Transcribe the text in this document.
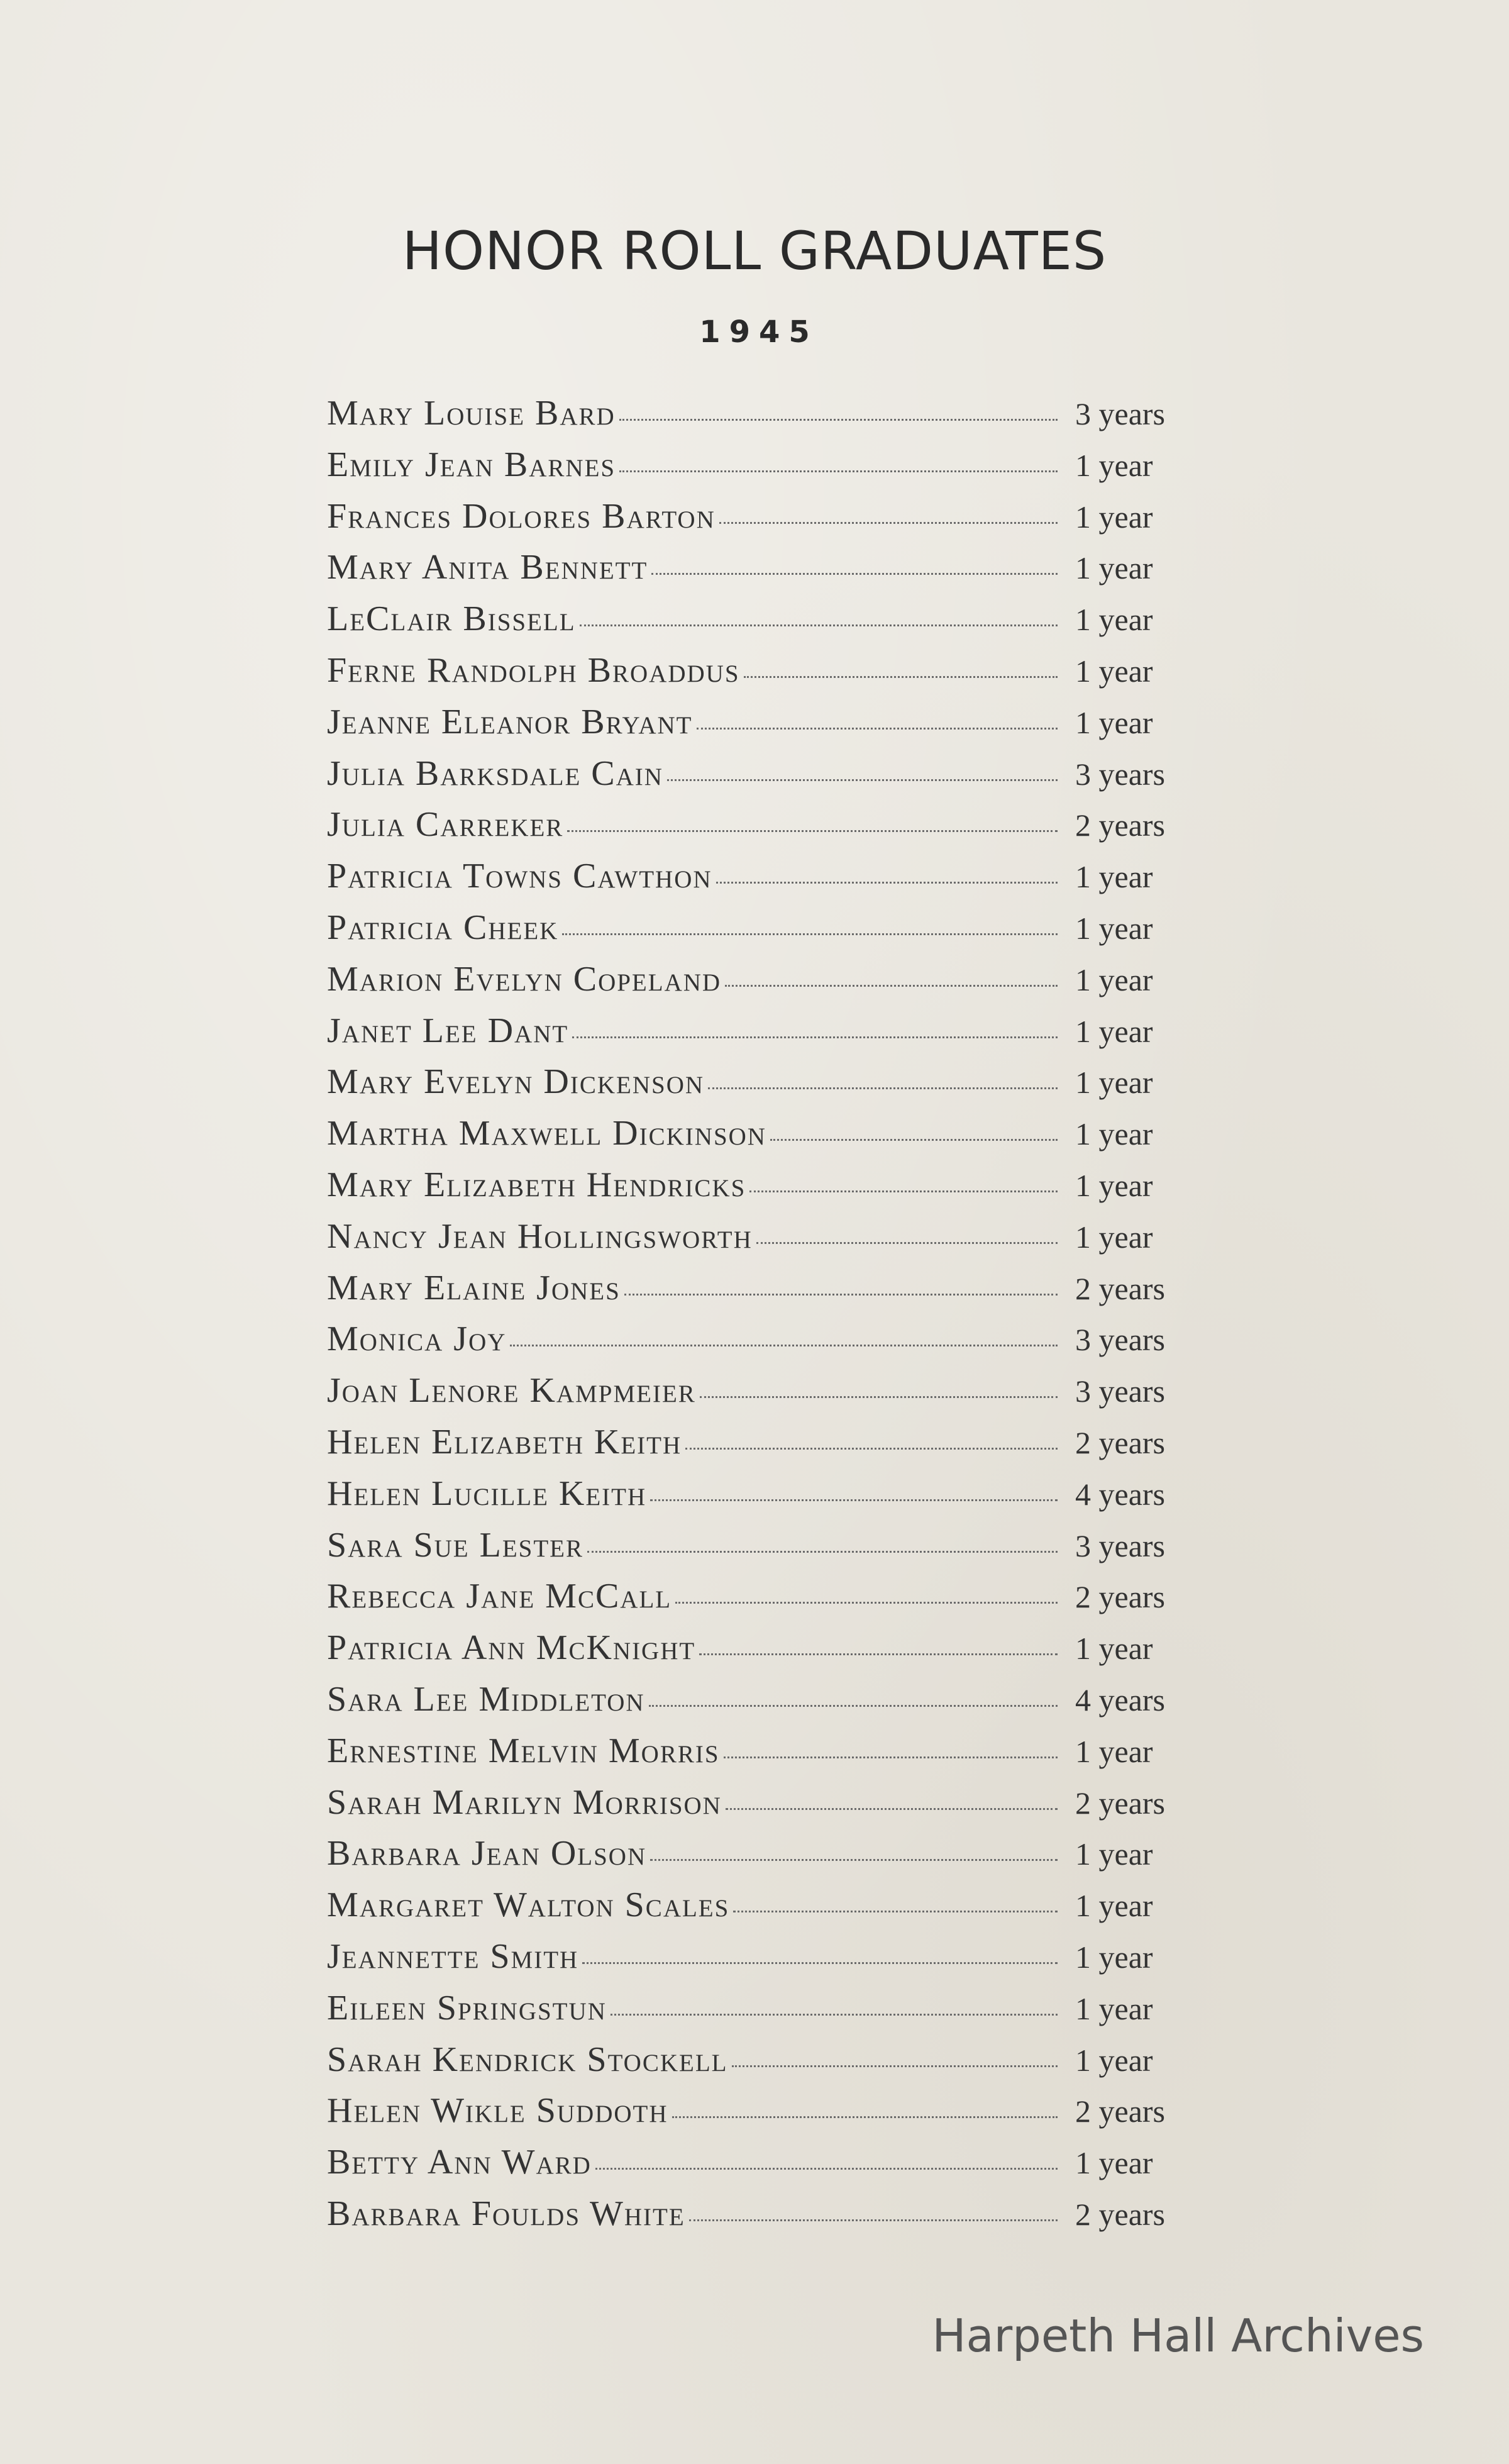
HONOR ROLL GRADUATES
1945
Mary Louise Bard	3 years
Emily Jean Barnes	1 year
Frances Dolores Barton	1 year
Mary Anita Bennett	1 year
LeClair Bissell	1 year
Ferne Randolph Broaddus	1 year
Jeanne Eleanor Bryant	1 year
Julia Barksdale Cain	3 years
Julia Carreker	2 years
Patricia Towns Cawthon	1 year
Patricia Cheek	1 year
Marion Evelyn Copeland	1 year
Janet Lee Dant	1 year
Mary Evelyn Dickenson	1 year
Martha Maxwell Dickinson	1 year
Mary Elizabeth Hendricks	1 year
Nancy Jean Hollingsworth	1 year
Mary Elaine Jones	2 years
Monica Joy	3 years
Joan Lenore Kampmeier	3 years
Helen Elizabeth Keith	2 years
Helen Lucille Keith	4 years
Sara Sue Lester	3 years
Rebecca Jane McCall	2 years
Patricia Ann McKnight	1 year
Sara Lee Middleton	4 years
Ernestine Melvin Morris	1 year
Sarah Marilyn Morrison	2 years
Barbara Jean Olson	1 year
Margaret Walton Scales	1 year
Jeannette Smith	1 year
Eileen Springstun	1 year
Sarah Kendrick Stockell	1 year
Helen Wikle Suddoth	2 years
Betty Ann Ward	1 year
Barbara Foulds White	2 years
Harpeth Hall Archives
